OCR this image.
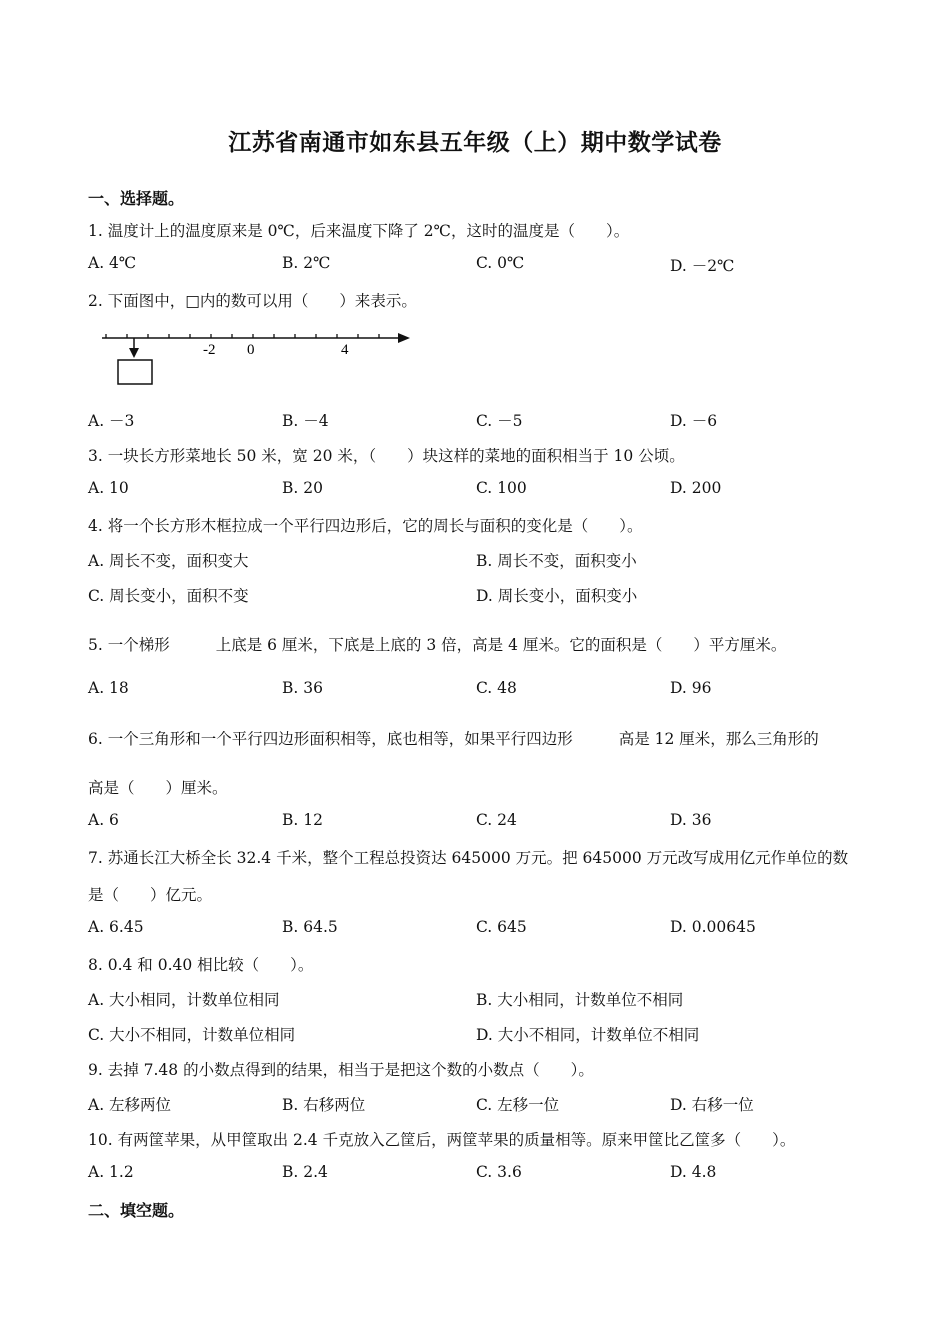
江苏省南通市如东县五年级（上）期中数学试卷
一、选择题。
1. 温度计上的温度原来是 0℃，后来温度下降了 2℃，这时的温度是（　　）。
A. 4℃	B. 2℃	C. 0℃	D. －2℃
2. 下面图中，□内的数可以用（　　）来表示。
-2 0	4
A. －3	B. －4	C. －5	D. －6
3. 一块长方形菜地长 50 米，宽 20 米，（　　）块这样的菜地的面积相当于 10 公顷。
A. 10	B. 20	C. 100	D. 200
4. 将一个长方形木框拉成一个平行四边形后，它的周长与面积的变化是（　　）。
A. 周长不变，面积变大	B. 周长不变，面积变小
C. 周长变小，面积不变	D. 周长变小，面积变小
5. 一个梯形	上底是 6 厘米，下底是上底的 3 倍，高是 4 厘米。它的面积是（　　）平方厘米。
A. 18	B. 36	C. 48	D. 96
6. 一个三角形和一个平行四边形面积相等，底也相等，如果平行四边形	高是 12 厘米，那么三角形的
高是（　　）厘米。
A. 6	B. 12	C. 24	D. 36
7. 苏通长江大桥全长 32.4 千米，整个工程总投资达 645000 万元。把 645000 万元改写成用亿元作单位的数
是（　　）亿元。
A. 6.45	B. 64.5	C. 645	D. 0.00645
8. 0.4 和 0.40 相比较（　　）。
A. 大小相同，计数单位相同	B. 大小相同，计数单位不相同
C. 大小不相同，计数单位相同	D. 大小不相同，计数单位不相同
9. 去掉 7.48 的小数点得到的结果，相当于是把这个数的小数点（　　）。
A. 左移两位	B. 右移两位	C. 左移一位	D. 右移一位
10. 有两筐苹果，从甲筐取出 2.4 千克放入乙筐后，两筐苹果的质量相等。原来甲筐比乙筐多（　　）。
A. 1.2	B. 2.4	C. 3.6	D. 4.8
二、填空题。
